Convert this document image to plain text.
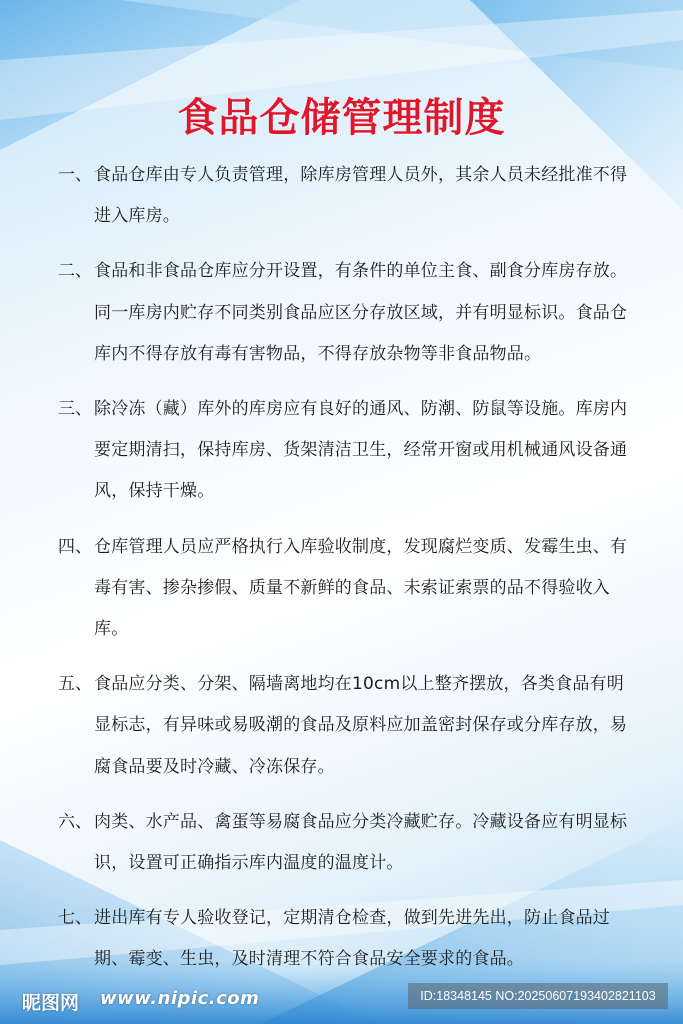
食品仓储管理制度
一、 食品仓库由专人负责管理，除库房管理人员外，其余人员未经批准不得进入库房。
二、 食品和非食品仓库应分开设置，有条件的单位主食、副食分库房存放。同一库房内贮存不同类别食品应区分存放区域，并有明显标识。食品仓库内不得存放有毒有害物品，不得存放杂物等非食品物品。
三、 除冷冻（藏）库外的库房应有良好的通风、防潮、防鼠等设施。库房内要定期清扫，保持库房、货架清洁卫生，经常开窗或用机械通风设备通风，保持干燥。
四、 仓库管理人员应严格执行入库验收制度，发现腐烂变质、发霉生虫、有毒有害、掺杂掺假、质量不新鲜的食品、未索证索票的品不得验收入库。
五、 食品应分类、分架、隔墙离地均在10cm以上整齐摆放，各类食品有明显标志，有异味或易吸潮的食品及原料应加盖密封保存或分库存放，易腐食品要及时冷藏、冷冻保存。
六、 肉类、水产品、禽蛋等易腐食品应分类冷藏贮存。冷藏设备应有明显标识，设置可正确指示库内温度的温度计。
七、 进出库有专人验收登记，定期清仓检查，做到先进先出，防止食品过期、霉变、生虫，及时清理不符合食品安全要求的食品。
昵图网 www.nipic.com	ID:18348145 NO:20250607193402821103
